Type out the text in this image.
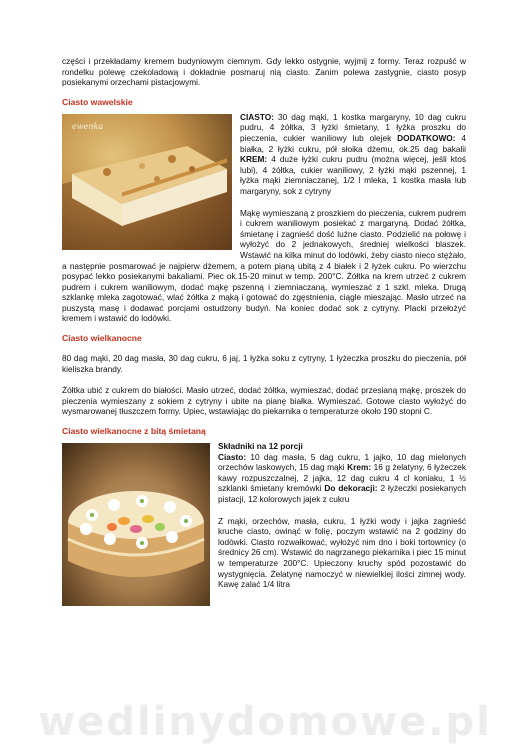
części i przekładamy kremem budyniowym ciemnym. Gdy lekko ostygnie, wyjmij z formy. Teraz rozpuść w rondelku polewę czekoladową i dokładnie posmaruj nią ciasto. Zanim polewa zastygnie, ciasto posyp posiekanymi orzechami pistacjowymi.

Ciasto wawelskie
ewenka

CIASTO: 30 dag mąki, 1 kostka margaryny, 10 dag cukru pudru, 4 żółtka, 3 łyżki śmietany, 1 łyżka proszku do pieczenia, cukier waniliowy lub olejek DODATKOWO: 4 białka, 2 łyżki cukru, pół słoika dżemu, ok.25 dag bakalii KREM: 4 duże łyżki cukru pudru (można więcej, jeśli ktoś lubi), 4 żółtka, cukier waniliowy, 2 łyżki mąki pszennej, 1 łyżka mąki ziemniaczanej, 1/2 l mleka, 1 kostka masła lub margaryny, sok z cytryny

Mąkę wymieszaną z proszkiem do pieczenia, cukrem pudrem i cukrem waniliowym posiekać z margaryną. Dodać żółtka, śmietanę i zagnieść dość luźne ciasto. Podzielić na połowę i wyłożyć do 2 jednakowych, średniej wielkości blaszek. Wstawić na kilka minut do lodówki, żeby ciasto nieco stężało, a następnie posmarować je najpierw dżemem, a potem pianą ubitą z 4 białek i 2 łyżek cukru. Po wierzchu posypać lekko posiekanymi bakaliami. Piec ok.15-20 minut w temp. 200°C. Żółtka na krem utrzeć z cukrem pudrem i cukrem waniliowym, dodać mąkę pszenną i ziemniaczaną, wymieszać z 1 szkl. mleka. Drugą szklankę mleka zagotować, wlać żółtka z mąką i gotować do zgęstnienia, ciągle mieszając. Masło utrzeć na puszystą masę i dodawać porcjami ostudzony budyń. Na koniec dodać sok z cytryny. Placki przełożyć kremem i wstawić do lodówki.

Ciasto wielkanocne

80 dag mąki, 20 dag masła, 30 dag cukru, 6 jaj, 1 łyżka soku z cytryny, 1 łyżeczka proszku do pieczenia, pół kieliszka brandy.

Żółtka ubić z cukrem do białości. Masło utrzeć, dodać żółtka, wymieszać, dodać przesianą mąkę, proszek do pieczenia wymieszany z sokiem z cytryny i ubite na pianę białka. Wymieszać. Gotowe ciasto wyłożyć do wysmarowanej tłuszczem formy. Upiec, wstawiając do piekarnika o temperaturze około 190 stopni C.

Ciasto wielkanocne z bitą śmietaną

Składniki na 12 porcji

Ciasto: 10 dag masła, 5 dag cukru, 1 jajko, 10 dag mielonych orzechów laskowych, 15 dag mąki Krem: 16 g żelatyny, 6 łyżeczek kawy rozpuszczalnej, 2 jajka, 12 dag cukru 4 cl koniaku, 1 ½ szklanki śmietany kremówki Do dekoracji: 2 łyżeczki posiekanych pistacji, 12 kolorowych jajek z cukru

Z mąki, orzechów, masła, cukru, 1 łyżki wody i jajka zagnieść kruche ciasto, owinąć w folię, poczym wstawić na 2 godziny do lodówki. Ciasto rozwałkować, wyłożyć nim dno i boki tortownicy (o średnicy 26 cm). Wstawić do nagrzanego piekarnika i piec 15 minut w temperaturze 200°C. Upieczony kruchy spód pozostawić do wystygnięcia. Żelatynę namoczyć w niewielkiej ilości zimnej wody. Kawę zalać 1/4 litra

wedlinydomowe.pl
